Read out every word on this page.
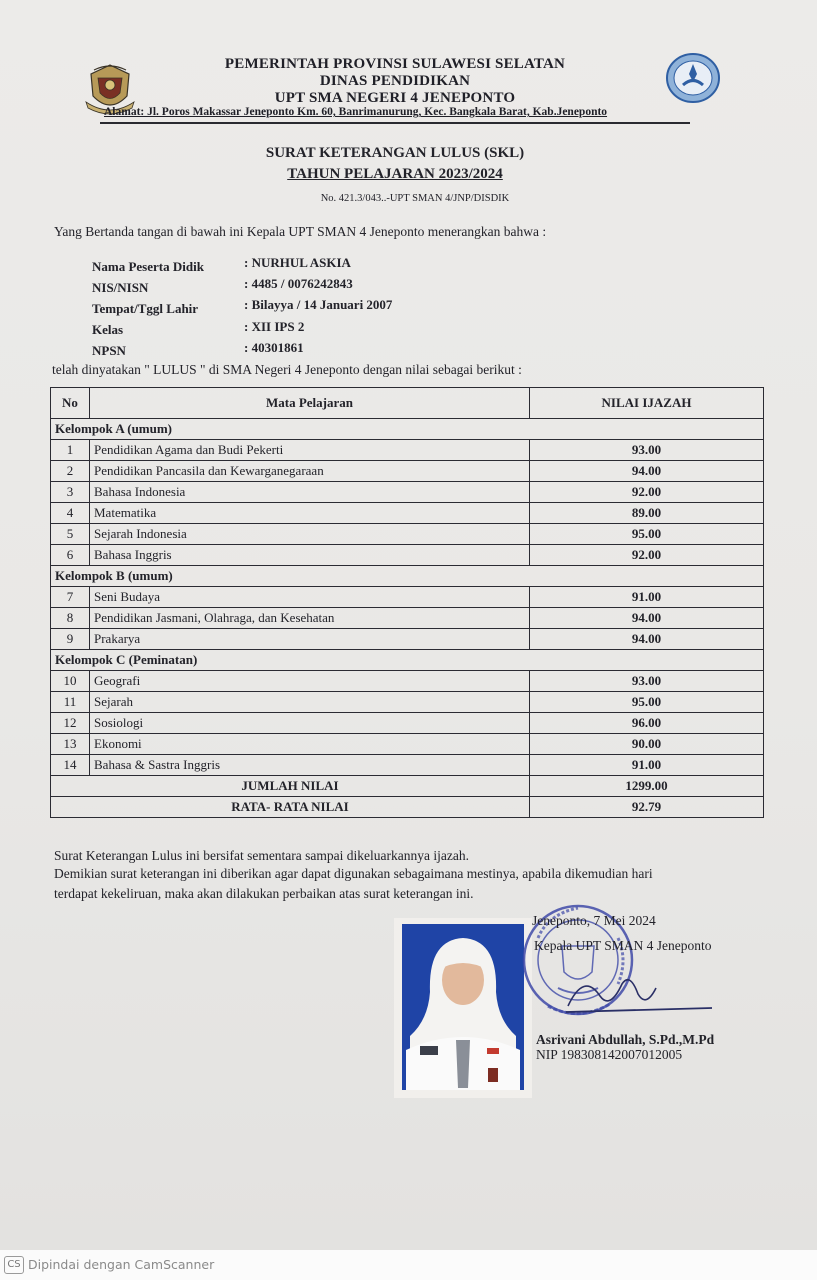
PEMERINTAH PROVINSI SULAWESI SELATAN
DINAS PENDIDIKAN
UPT SMA NEGERI 4 JENEPONTO
Alamat: Jl. Poros Makassar Jeneponto Km. 60, Banrimanurung, Kec. Bangkala Barat, Kab.Jeneponto
SURAT KETERANGAN LULUS (SKL)
TAHUN PELAJARAN 2023/2024
No. 421.3/043..-UPT SMAN 4/JNP/DISDIK
Yang Bertanda tangan di bawah ini Kepala UPT SMAN 4 Jeneponto menerangkan bahwa :
Nama Peserta Didik	: NURHUL ASKIA
NIS/NISN	: 4485 / 0076242843
Tempat/Tggl Lahir	: Bilayya / 14 Januari 2007
Kelas	: XII IPS 2
NPSN	: 40301861
telah dinyatakan " LULUS " di SMA Negeri 4 Jeneponto dengan nilai sebagai berikut :
No	Mata Pelajaran	NILAI IJAZAH
Kelompok A (umum)		
1	Pendidikan Agama dan Budi Pekerti	93.00
2	Pendidikan Pancasila dan Kewarganegaraan	94.00
3	Bahasa Indonesia	92.00
4	Matematika	89.00
5	Sejarah Indonesia	95.00
6	Bahasa Inggris	92.00
Kelompok B (umum)		
7	Seni Budaya	91.00
8	Pendidikan Jasmani, Olahraga, dan Kesehatan	94.00
9	Prakarya	94.00
Kelompok C (Peminatan)		
10	Geografi	93.00
11	Sejarah	95.00
12	Sosiologi	96.00
13	Ekonomi	90.00
14	Bahasa & Sastra Inggris	91.00
JUMLAH NILAI		1299.00
RATA- RATA NILAI		92.79
Surat Keterangan Lulus ini bersifat sementara sampai dikeluarkannya ijazah.
Demikian surat keterangan ini diberikan agar dapat digunakan sebagaimana mestinya, apabila dikemudian hari
terdapat kekeliruan, maka akan dilakukan perbaikan atas surat keterangan ini.
Jeneponto, 7 Mei 2024
Kepala UPT SMAN 4 Jeneponto
Asrivani Abdullah, S.Pd.,M.Pd
NIP 198308142007012005
CS Dipindai dengan CamScanner
